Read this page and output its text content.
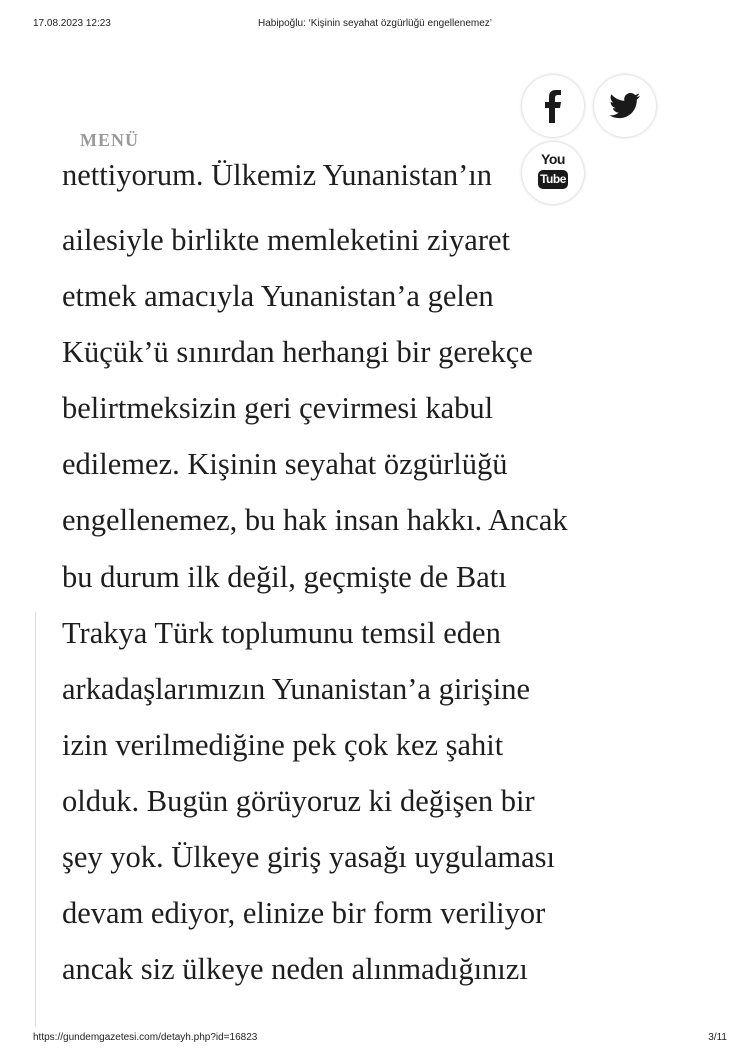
17.08.2023 12:23	Habipoğlu: ‘Kişinin seyahat özgürlüğü engellenemez’
nettiyorum. Ülkemiz Yunanistan’ın
ailesiyle birlikte memleketini ziyaret
etmek amacıyla Yunanistan’a gelen
Küçük’ü sınırdan herhangi bir gerekçe
belirtmeksizin geri çevirmesi kabul
edilemez. Kişinin seyahat özgürlüğü
engellenemez, bu hak insan hakkı. Ancak
bu durum ilk değil, geçmişte de Batı
Trakya Türk toplumunu temsil eden
arkadaşlarımızın Yunanistan’a girişine
izin verilmediğine pek çok kez şahit
olduk. Bugün görüyoruz ki değişen bir
şey yok. Ülkeye giriş yasağı uygulaması
devam ediyor, elinize bir form veriliyor
ancak siz ülkeye neden alınmadığınızı
MENÜ
You
Tube
https://gundemgazetesi.com/detayh.php?id=16823	3/11
